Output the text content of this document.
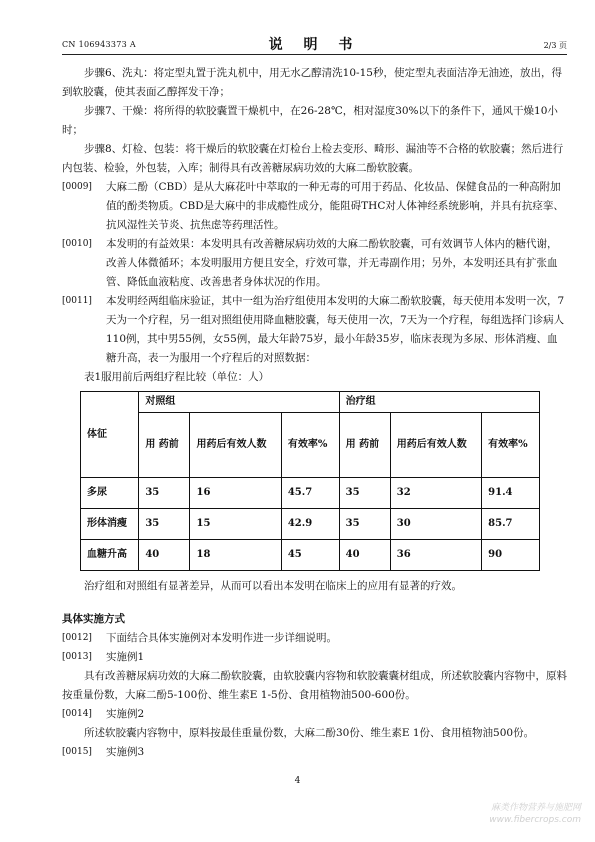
CN 106943373 A	说 明 书	2/3 页

步骤6、洗丸：将定型丸置于洗丸机中，用无水乙醇清洗10-15秒，使定型丸表面洁净无油迹，放出，得到软胶囊，使其表面乙醇挥发干净；

步骤7、干燥：将所得的软胶囊置干燥机中，在26-28℃，相对湿度30%以下的条件下，通风干燥10小时；

步骤8、灯检、包装：将干燥后的软胶囊在灯检台上检去变形、畸形、漏油等不合格的软胶囊；然后进行内包装、检验，外包装，入库；制得具有改善糖尿病功效的大麻二酚软胶囊。

[0009]	大麻二酚（CBD）是从大麻花叶中萃取的一种无毒的可用于药品、化妆品、保健食品的一种高附加值的酚类物质。CBD是大麻中的非成瘾性成分，能阻碍THC对人体神经系统影响，并具有抗痉挛、抗风湿性关节炎、抗焦虑等药理活性。
[0010]	本发明的有益效果：本发明具有改善糖尿病功效的大麻二酚软胶囊，可有效调节人体内的糖代谢，改善人体微循环；本发明服用方便且安全，疗效可靠，并无毒副作用；另外，本发明还具有扩张血管、降低血液粘度、改善患者身体状况的作用。
[0011]	本发明经两组临床验证，其中一组为治疗组使用本发明的大麻二酚软胶囊，每天使用本发明一次，7天为一个疗程，另一组对照组使用降血糖胶囊，每天使用一次，7天为一个疗程，每组选择门诊病人110例，其中男55例，女55例，最大年龄75岁，最小年龄35岁，临床表现为多尿、形体消瘦、血糖升高，表一为服用一个疗程后的对照数据：

表1服用前后两组疗程比较（单位：人）

体征	对照组			治疗组		
	用 药前	用药后有效人数	有效率%	用 药前	用药后有效人数	有效率%
多尿	35	16	45.7	35	32	91.4
形体消瘦	35	15	42.9	35	30	85.7
血糖升高	40	18	45	40	36	90

治疗组和对照组有显著差异，从而可以看出本发明在临床上的应用有显著的疗效。

具体实施方式
[0012]	下面结合具体实施例对本发明作进一步详细说明。
[0013]	实施例1

具有改善糖尿病功效的大麻二酚软胶囊，由软胶囊内容物和软胶囊囊材组成，所述软胶囊内容物中，原料按重量份数，大麻二酚5-100份、维生素E 1-5份、食用植物油500-600份。

[0014]	实施例2

所述软胶囊内容物中，原料按最佳重量份数，大麻二酚30份、维生素E 1份、食用植物油500份。

[0015]	实施例3
4
麻类作物营养与施肥网
www.fibercrops.com
